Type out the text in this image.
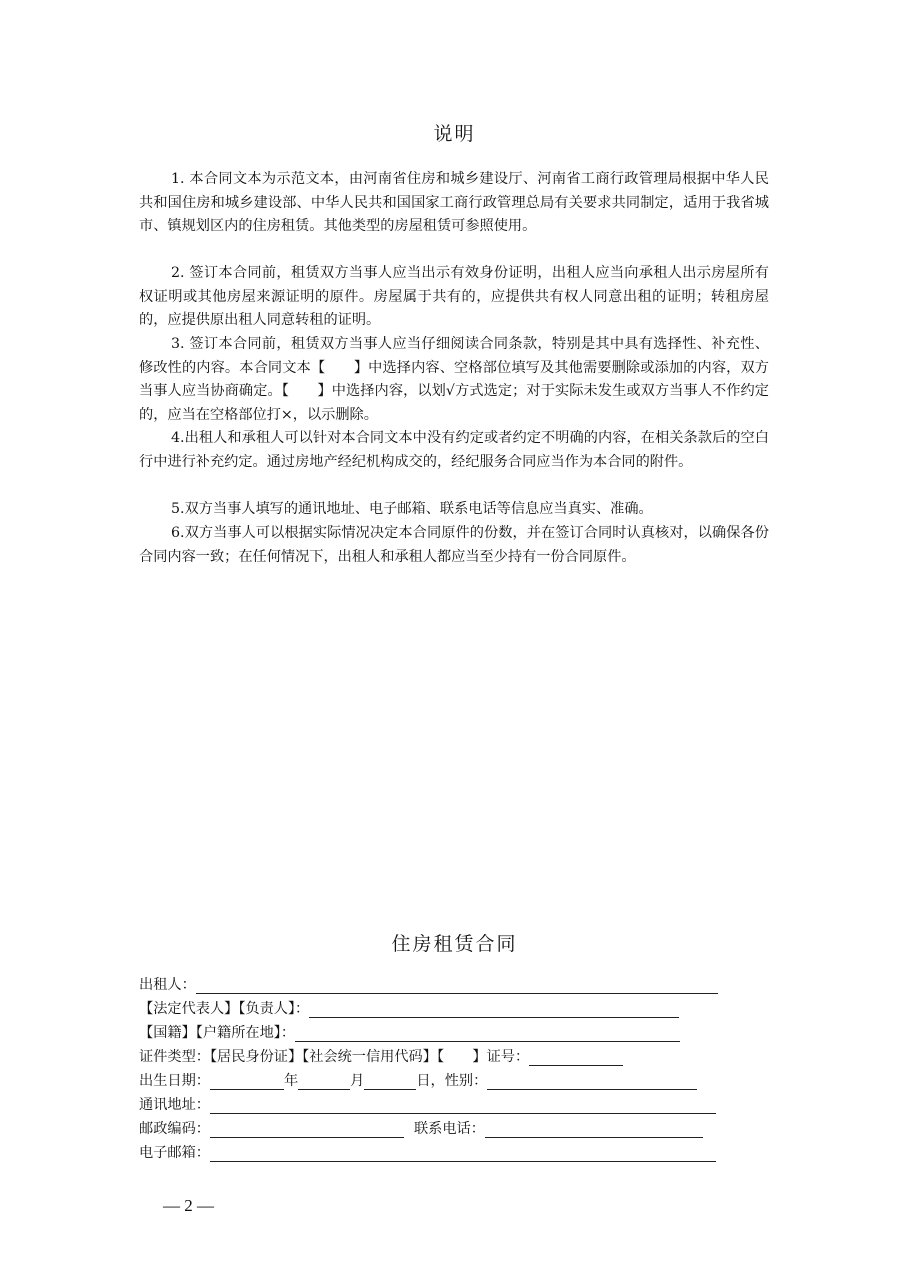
说明

1. 本合同文本为示范文本，由河南省住房和城乡建设厅、河南省工商行政管理局根据中华人民共和国住房和城乡建设部、中华人民共和国国家工商行政管理总局有关要求共同制定，适用于我省城市、镇规划区内的住房租赁。其他类型的房屋租赁可参照使用。

2. 签订本合同前，租赁双方当事人应当出示有效身份证明，出租人应当向承租人出示房屋所有权证明或其他房屋来源证明的原件。房屋属于共有的，应提供共有权人同意出租的证明；转租房屋的，应提供原出租人同意转租的证明。

3. 签订本合同前，租赁双方当事人应当仔细阅读合同条款，特别是其中具有选择性、补充性、修改性的内容。本合同文本【　　】中选择内容、空格部位填写及其他需要删除或添加的内容，双方当事人应当协商确定。【　　】中选择内容，以划√方式选定；对于实际未发生或双方当事人不作约定的，应当在空格部位打×，以示删除。

4.出租人和承租人可以针对本合同文本中没有约定或者约定不明确的内容，在相关条款后的空白行中进行补充约定。通过房地产经纪机构成交的，经纪服务合同应当作为本合同的附件。

5.双方当事人填写的通讯地址、电子邮箱、联系电话等信息应当真实、准确。

6.双方当事人可以根据实际情况决定本合同原件的份数，并在签订合同时认真核对，以确保各份合同内容一致；在任何情况下，出租人和承租人都应当至少持有一份合同原件。

住房租赁合同
出租人：
【法定代表人】【负责人】：
【国籍】【户籍所在地】：
证件类型：【居民身份证】【社会统一信用代码】【　　】证号：
出生日期：	年	月	日，性别：
通讯地址：
邮政编码：	联系电话：
电子邮箱：
— 2 —
